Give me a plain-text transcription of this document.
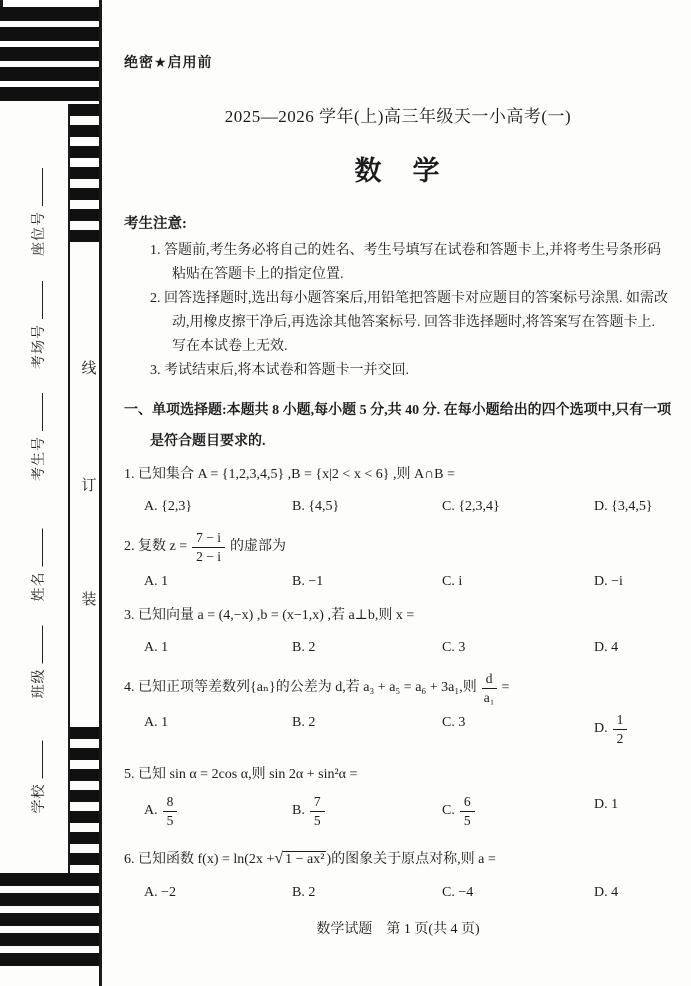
线
订
装
座位号
考场号
考生号
姓名
班级
学校
绝密★启用前
2025—2026 学年(上)高三年级天一小高考(一)
数　学
考生注意:
1. 答题前,考生务必将自己的姓名、考生号填写在试卷和答题卡上,并将考生号条形码粘贴在答题卡上的指定位置.
2. 回答选择题时,选出每小题答案后,用铅笔把答题卡对应题目的答案标号涂黑. 如需改动,用橡皮擦干净后,再选涂其他答案标号. 回答非选择题时,将答案写在答题卡上. 写在本试卷上无效.
3. 考试结束后,将本试卷和答题卡一并交回.
一、单项选择题:本题共 8 小题,每小题 5 分,共 40 分. 在每小题给出的四个选项中,只有一项是符合题目要求的.
1. 已知集合 A = {1,2,3,4,5} ,B = {x|2 < x < 6} ,则 A∩B =
A. {2,3}	B. {4,5}	C. {2,3,4}	D. {3,4,5}
2. 复数 $z = \frac{7 - i}{2 - i}$ 的虚部为
A. 1	B. −1	C. i	D. −i
3. 已知向量 a = (4,−x) ,b = (x−1,x) ,若 a⊥b,则 x =
A. 1	B. 2	C. 3	D. 4
4. 已知正项等差数列{aₙ}的公差为 d,若 a₃ + a₅ = a₆ + 3a₁,则 $\frac{d}{\text{a₁}}$ =
A. 1	B. 2	C. 3	D. $\frac{1}{2}$
5. 已知 sin α = 2cos α,则 sin 2α + sin²α =
A. $\frac{8}{5}$	B. $\frac{7}{5}$	C. $\frac{6}{5}$	D. 1
6. 已知函数 f(x) = ln(2x +√ 1 − ax² )的图象关于原点对称,则 a =
A. −2	B. 2	C. −4	D. 4
数学试题　第 1 页(共 4 页)
